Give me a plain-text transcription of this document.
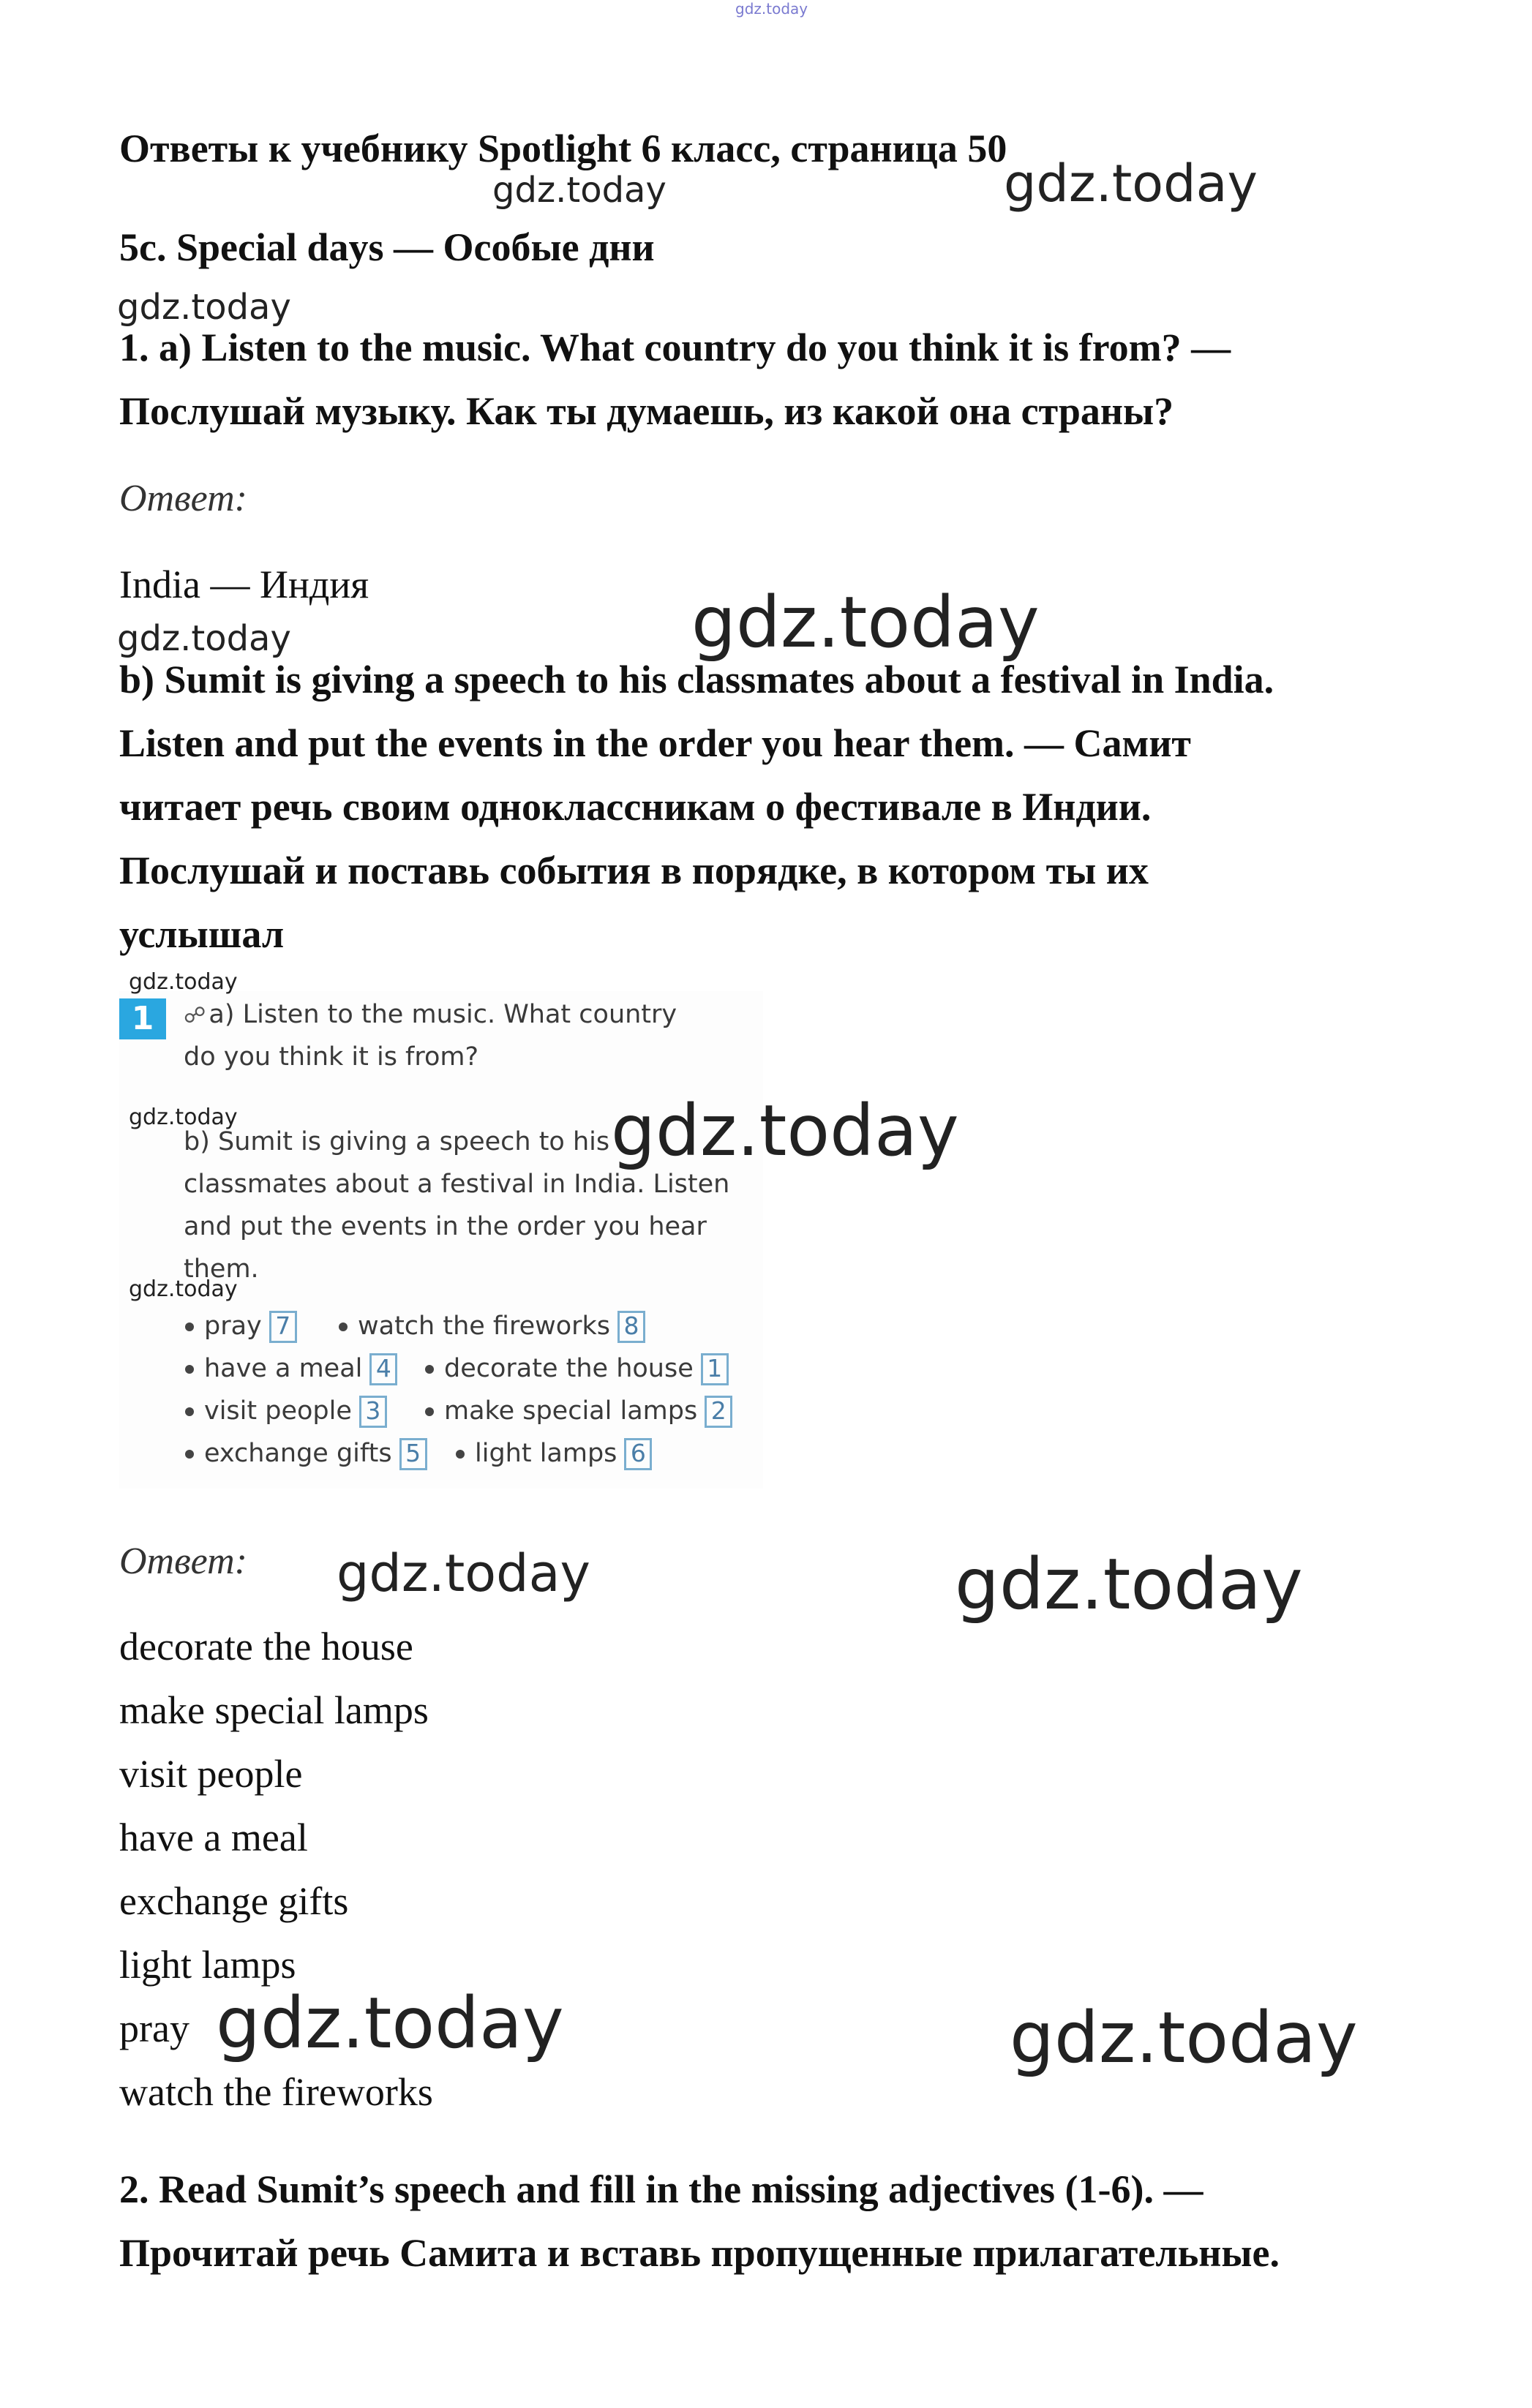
gdz.today
Ответы к учебнику Spotlight 6 класс, страница 50
5c. Special days — Особые дни
1. a) Listen to the music. What country do you think it is from? —
Послушай музыку. Как ты думаешь, из какой она страны?
Ответ:
India — Индия
b) Sumit is giving a speech to his classmates about a festival in India.
Listen and put the events in the order you hear them. — Самит
читает речь своим одноклассникам о фестивале в Индии.
Послушай и поставь события в порядке, в котором ты их
услышал
1	☍ a) Listen to the music. What country
do you think it is from?
b) Sumit is giving a speech to his
classmates about a festival in India. Listen
and put the events in the order you hear
them.
pray 7	watch the fireworks 8
have a meal 4	decorate the house 1
visit people 3	make special lamps 2
exchange gifts 5	light lamps 6
Ответ:
decorate the house
make special lamps
visit people
have a meal
exchange gifts
light lamps
pray
watch the fireworks
2. Read Sumit’s speech and fill in the missing adjectives (1-6). —
Прочитай речь Самита и вставь пропущенные прилагательные.
gdz.today	gdz.today
gdz.today
gdz.today	gdz.today
gdz.today
gdz.today	gdz.today
gdz.today
gdz.today	gdz.today
gdz.today	gdz.today
